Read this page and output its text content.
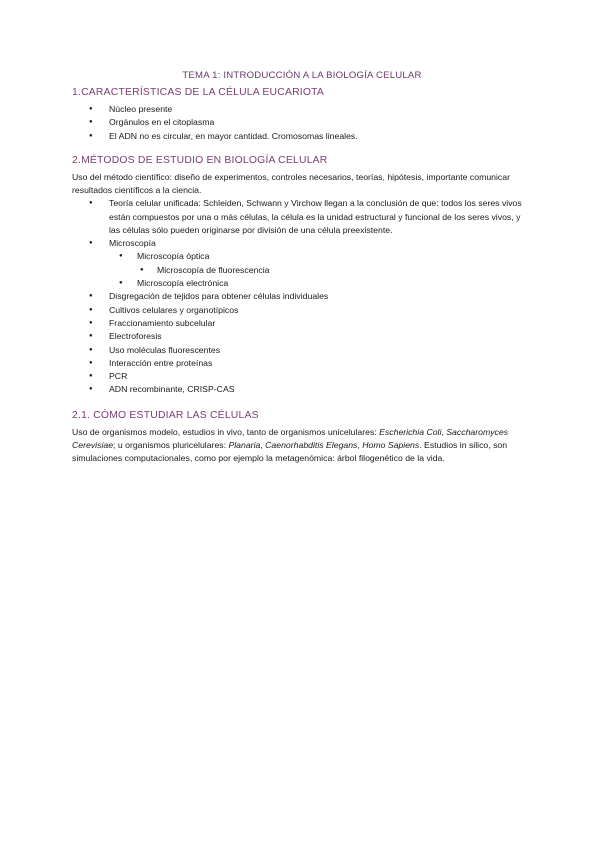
TEMA 1: INTRODUCCIÓN A LA BIOLOGÍA CELULAR
1.CARACTERÍSTICAS DE LA CÉLULA EUCARIOTA
● Núcleo presente
● Orgánulos en el citoplasma
● El ADN no es circular, en mayor cantidad. Cromosomas lineales.
2.MÉTODOS DE ESTUDIO EN BIOLOGÍA CELULAR

Uso del método científico: diseño de experimentos, controles necesarios, teorías, hipótesis, importante comunicar resultados científicos a la ciencia.

● Teoría celular unificada: Schleiden, Schwann y Virchow llegan a la conclusión de que: todos los seres vivos están compuestos por una o más células, la célula es la unidad estructural y funcional de los seres vivos, y las células sólo pueden originarse por división de una célula preexistente.
● Microscopía
● Microscopía óptica
● Microscopía de fluorescencia
● Microscopía electrónica
● Disgregación de tejidos para obtener células individuales
● Cultivos celulares y organotípicos
● Fraccionamiento subcelular
● Electroforesis
● Uso moléculas fluorescentes
● Interacción entre proteínas
● PCR
● ADN recombinante, CRISP-CAS
2.1. CÓMO ESTUDIAR LAS CÉLULAS

Uso de organismos modelo, estudios in vivo, tanto de organismos unicelulares: Escherichia Coli, Saccharomyces Cerevisiae; u organismos pluricelulares: Planaria, Caenorhabditis Elegans, Homo Sapiens. Estudios in silico, son simulaciones computacionales, como por ejemplo la metagenómica: árbol filogenético de la vida.
